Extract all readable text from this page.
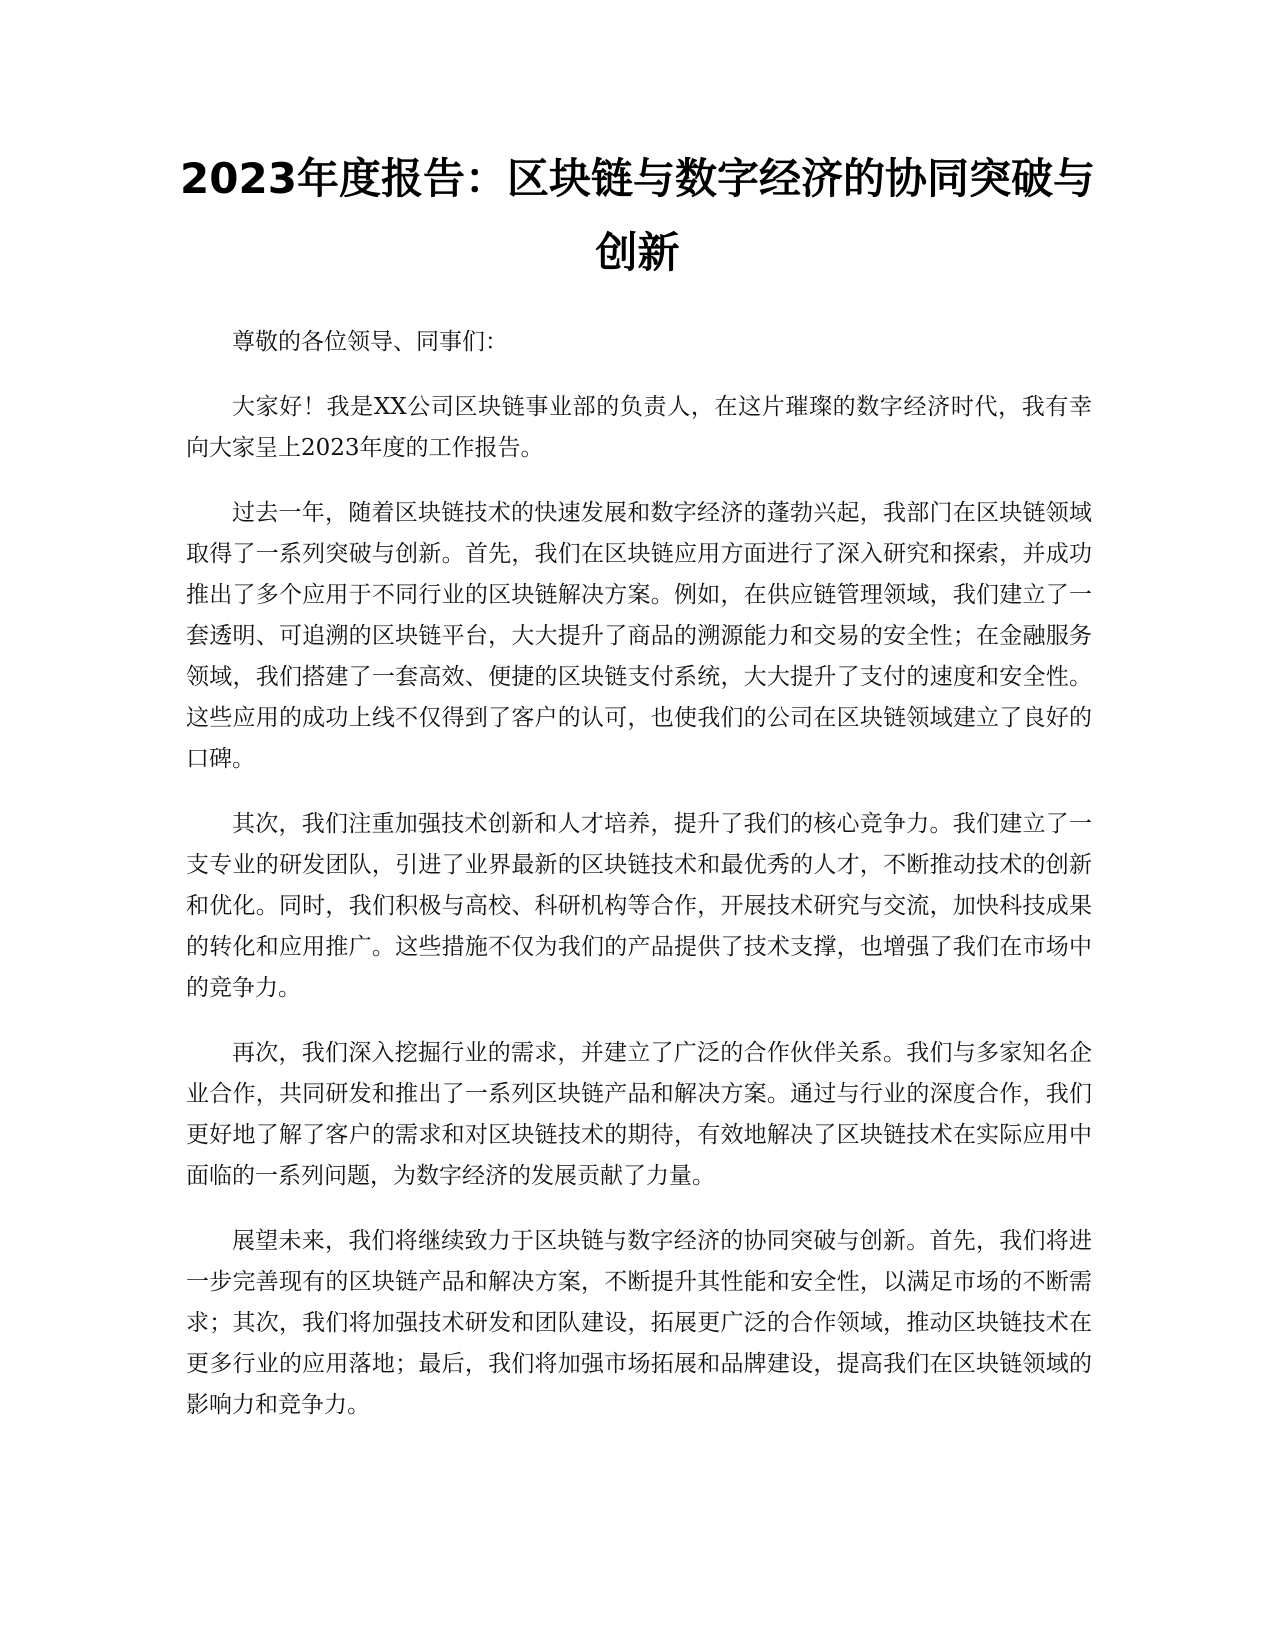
2023年度报告：区块链与数字经济的协同突破与创新

尊敬的各位领导、同事们：

大家好！我是XX公司区块链事业部的负责人，在这片璀璨的数字经济时代，我有幸向大家呈上2023年度的工作报告。

过去一年，随着区块链技术的快速发展和数字经济的蓬勃兴起，我部门在区块链领域取得了一系列突破与创新。首先，我们在区块链应用方面进行了深入研究和探索，并成功推出了多个应用于不同行业的区块链解决方案。例如，在供应链管理领域，我们建立了一套透明、可追溯的区块链平台，大大提升了商品的溯源能力和交易的安全性；在金融服务领域，我们搭建了一套高效、便捷的区块链支付系统，大大提升了支付的速度和安全性。这些应用的成功上线不仅得到了客户的认可，也使我们的公司在区块链领域建立了良好的口碑。

其次，我们注重加强技术创新和人才培养，提升了我们的核心竞争力。我们建立了一支专业的研发团队，引进了业界最新的区块链技术和最优秀的人才，不断推动技术的创新和优化。同时，我们积极与高校、科研机构等合作，开展技术研究与交流，加快科技成果的转化和应用推广。这些措施不仅为我们的产品提供了技术支撑，也增强了我们在市场中的竞争力。

再次，我们深入挖掘行业的需求，并建立了广泛的合作伙伴关系。我们与多家知名企业合作，共同研发和推出了一系列区块链产品和解决方案。通过与行业的深度合作，我们更好地了解了客户的需求和对区块链技术的期待，有效地解决了区块链技术在实际应用中面临的一系列问题，为数字经济的发展贡献了力量。

展望未来，我们将继续致力于区块链与数字经济的协同突破与创新。首先，我们将进一步完善现有的区块链产品和解决方案，不断提升其性能和安全性，以满足市场的不断需求；其次，我们将加强技术研发和团队建设，拓展更广泛的合作领域，推动区块链技术在更多行业的应用落地；最后，我们将加强市场拓展和品牌建设，提高我们在区块链领域的影响力和竞争力。
